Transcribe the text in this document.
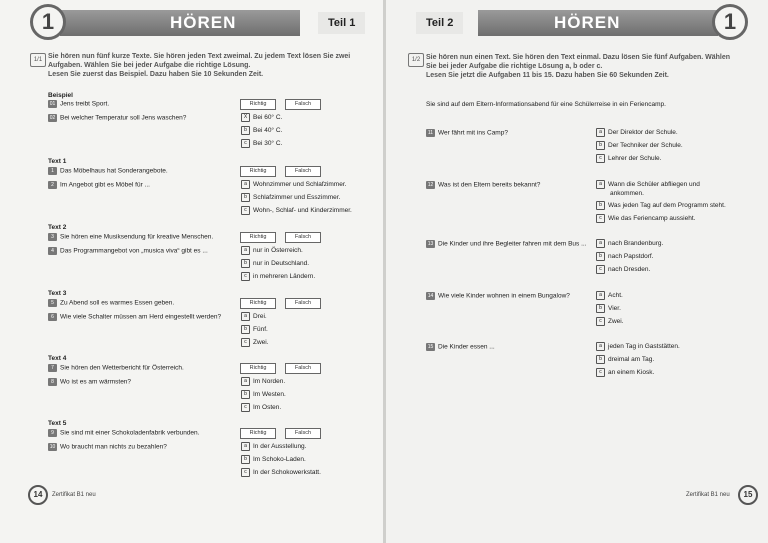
HÖREN	Teil 1
1
1/1 Sie hören nun fünf kurze Texte. Sie hören jeden Text zweimal. Zu jedem Text lösen Sie zwei
Aufgaben. Wählen Sie bei jeder Aufgabe die richtige Lösung.
Lesen Sie zuerst das Beispiel. Dazu haben Sie 10 Sekunden Zeit.
Beispiel
01 Jens treibt Sport.	Richtig	Falsch
02 Bei welcher Temperatur soll Jens waschen?	X Bei 60° C.
b Bei 40° C.
c Bei 30° C.
Text 1
1 Das Möbelhaus hat Sonderangebote.	Richtig	Falsch
2 Im Angebot gibt es Möbel für ...	a Wohnzimmer und Schlafzimmer.
b Schlafzimmer und Esszimmer.
c Wohn-, Schlaf- und Kinderzimmer.
Text 2
3 Sie hören eine Musiksendung für kreative Menschen.	Richtig	Falsch
4 Das Programmangebot von „musica viva“ gibt es ...	a nur in Österreich.
b nur in Deutschland.
c in mehreren Ländern.
Text 3
5 Zu Abend soll es warmes Essen geben.	Richtig	Falsch
6 Wie viele Schalter müssen am Herd eingestellt werden?	a Drei.
b Fünf.
c Zwei.
Text 4
7 Sie hören den Wetterbericht für Österreich.	Richtig	Falsch
8 Wo ist es am wärmsten?	a Im Norden.
b Im Westen.
c Im Osten.
Text 5
9 Sie sind mit einer Schokoladenfabrik verbunden.	Richtig	Falsch
10 Wo braucht man nichts zu bezahlen?	a In der Ausstellung.
b Im Schoko-Laden.
c In der Schokowerkstatt.
14	Zertifikat B1 neu
Teil 2	HÖREN	1
1/2 Sie hören nun einen Text. Sie hören den Text einmal. Dazu lösen Sie fünf Aufgaben. Wählen
Sie bei jeder Aufgabe die richtige Lösung a, b oder c.
Lesen Sie jetzt die Aufgaben 11 bis 15. Dazu haben Sie 60 Sekunden Zeit.
Sie sind auf dem Eltern-Informationsabend für eine Schülerreise in ein Feriencamp.
11 Wer fährt mit ins Camp?	a Der Direktor der Schule.
b Der Techniker der Schule.
c Lehrer der Schule.
12 Was ist den Eltern bereits bekannt?	a Wann die Schüler abfliegen und
ankommen.
b Was jeden Tag auf dem Programm steht.
c Wie das Feriencamp aussieht.
13 Die Kinder und ihre Begleiter fahren mit dem Bus ...	a nach Brandenburg.
b nach Papstdorf.
c nach Dresden.
14 Wie viele Kinder wohnen in einem Bungalow?	a Acht.
b Vier.
c Zwei.
15 Die Kinder essen ...	a jeden Tag in Gaststätten.
b dreimal am Tag.
c an einem Kiosk.
Zertifikat B1 neu	15
